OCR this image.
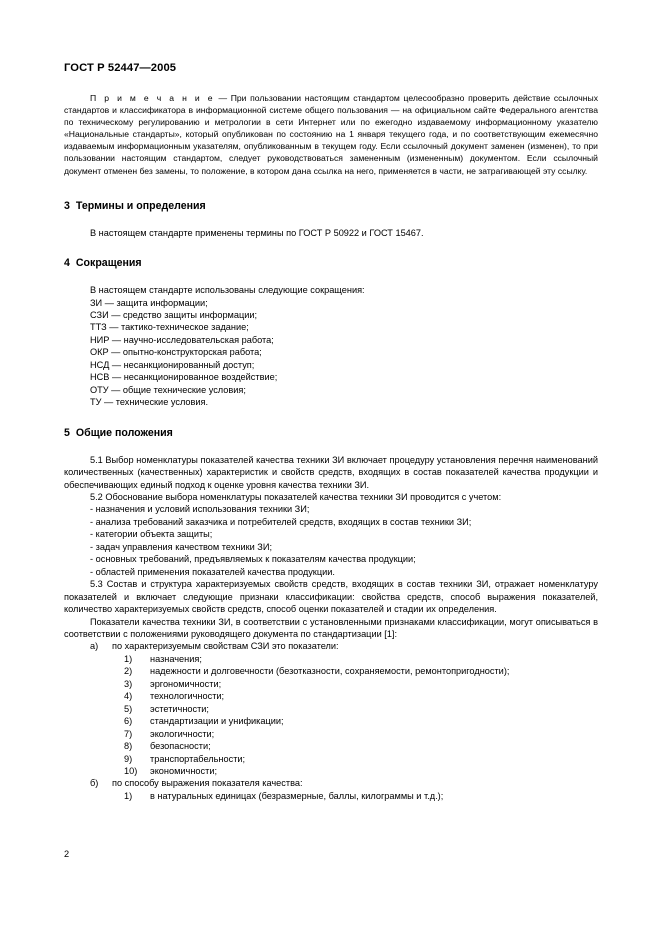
ГОСТ Р 52447—2005

П р и м е ч а н и е — При пользовании настоящим стандартом целесообразно проверить действие ссылочных стандартов и классификатора в информационной системе общего пользования — на официальном сайте Федерального агентства по техническому регулированию и метрологии в сети Интернет или по ежегодно издаваемому информационному указателю «Национальные стандарты», который опубликован по состоянию на 1 января текущего года, и по соответствующим ежемесячно издаваемым информационным указателям, опубликованным в текущем году. Если ссылочный документ заменен (изменен), то при пользовании настоящим стандартом, следует руководствоваться замененным (измененным) документом. Если ссылочный документ отменен без замены, то положение, в котором дана ссылка на него, применяется в части, не затрагивающей эту ссылку.

3 Термины и определения

В настоящем стандарте применены термины по ГОСТ Р 50922 и ГОСТ 15467.

4 Сокращения

В настоящем стандарте использованы следующие сокращения:

ЗИ — защита информации;

СЗИ — средство защиты информации;

ТТЗ — тактико-техническое задание;

НИР — научно-исследовательская работа;

ОКР — опытно-конструкторская работа;

НСД — несанкционированный доступ;

НСВ — несанкционированное воздействие;

ОТУ — общие технические условия;

ТУ — технические условия.

5 Общие положения

5.1 Выбор номенклатуры показателей качества техники ЗИ включает процедуру установления перечня наименований количественных (качественных) характеристик и свойств средств, входящих в состав показателей качества продукции и обеспечивающих единый подход к оценке уровня качества техники ЗИ.

5.2 Обоснование выбора номенклатуры показателей качества техники ЗИ проводится с учетом:

- назначения и условий использования техники ЗИ;

- анализа требований заказчика и потребителей средств, входящих в состав техники ЗИ;

- категории объекта защиты;

- задач управления качеством техники ЗИ;

- основных требований, предъявляемых к показателям качества продукции;

- областей применения показателей качества продукции.

5.3 Состав и структура характеризуемых свойств средств, входящих в состав техники ЗИ, отражает номенклатуру показателей и включает следующие признаки классификации: свойства средств, способ выражения показателей, количество характеризуемых свойств средств, способ оценки показателей и стадии их определения.

Показатели качества техники ЗИ, в соответствии с установленными признаками классификации, могут описываться в соответствии с положениями руководящего документа по стандартизации [1]:

а)	по характеризуемым свойствам СЗИ это показатели:
1)	назначения;
2)	надежности и долговечности (безотказности, сохраняемости, ремонтопригодности);
3)	эргономичности;
4)	технологичности;
5)	эстетичности;
6)	стандартизации и унификации;
7)	экологичности;
8)	безопасности;
9)	транспортабельности;
10)	экономичности;
б)	по способу выражения показателя качества:
1)	в натуральных единицах (безразмерные, баллы, килограммы и т.д.);
2
